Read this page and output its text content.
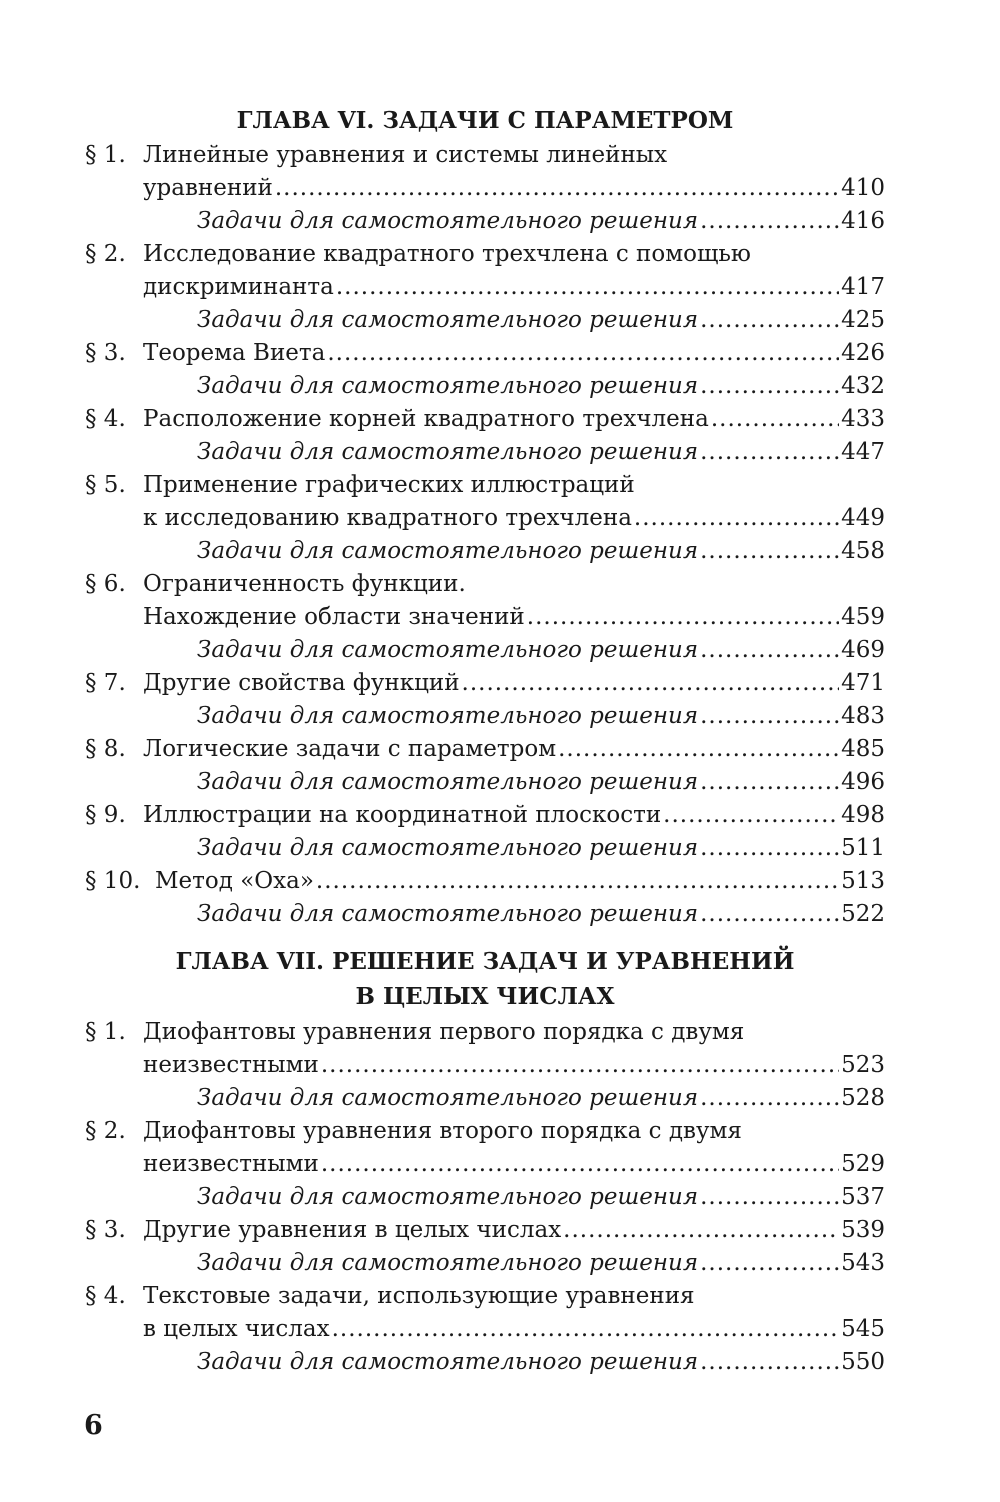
ГЛАВА VI. ЗАДАЧИ С ПАРАМЕТРОМ
§ 1. Линейные уравнения и системы линейных
уравнений .....	410
Задачи для самостоятельного решения .....	416
§ 2. Исследование квадратного трехчлена с помощью
дискриминанта .....	417
Задачи для самостоятельного решения .....	425
§ 3. Теорема Виета .....	426
Задачи для самостоятельного решения .....	432
§ 4. Расположение корней квадратного трехчлена .....	433
Задачи для самостоятельного решения .....	447
§ 5. Применение графических иллюстраций
к исследованию квадратного трехчлена .....	449
Задачи для самостоятельного решения .....	458
§ 6. Ограниченность функции.
Нахождение области значений .....	459
Задачи для самостоятельного решения .....	469
§ 7. Другие свойства функций .....	471
Задачи для самостоятельного решения .....	483
§ 8. Логические задачи с параметром .....	485
Задачи для самостоятельного решения .....	496
§ 9. Иллюстрации на координатной плоскости .....	498
Задачи для самостоятельного решения .....	511
§ 10. Метод «Оха» .....	513
Задачи для самостоятельного решения .....	522
ГЛАВА VII. РЕШЕНИЕ ЗАДАЧ И УРАВНЕНИЙ
В ЦЕЛЫХ ЧИСЛАХ
§ 1. Диофантовы уравнения первого порядка с двумя
неизвестными .....	523
Задачи для самостоятельного решения .....	528
§ 2. Диофантовы уравнения второго порядка с двумя
неизвестными .....	529
Задачи для самостоятельного решения .....	537
§ 3. Другие уравнения в целых числах .....	539
Задачи для самостоятельного решения .....	543
§ 4. Текстовые задачи, использующие уравнения
в целых числах .....	545
Задачи для самостоятельного решения .....	550
6
